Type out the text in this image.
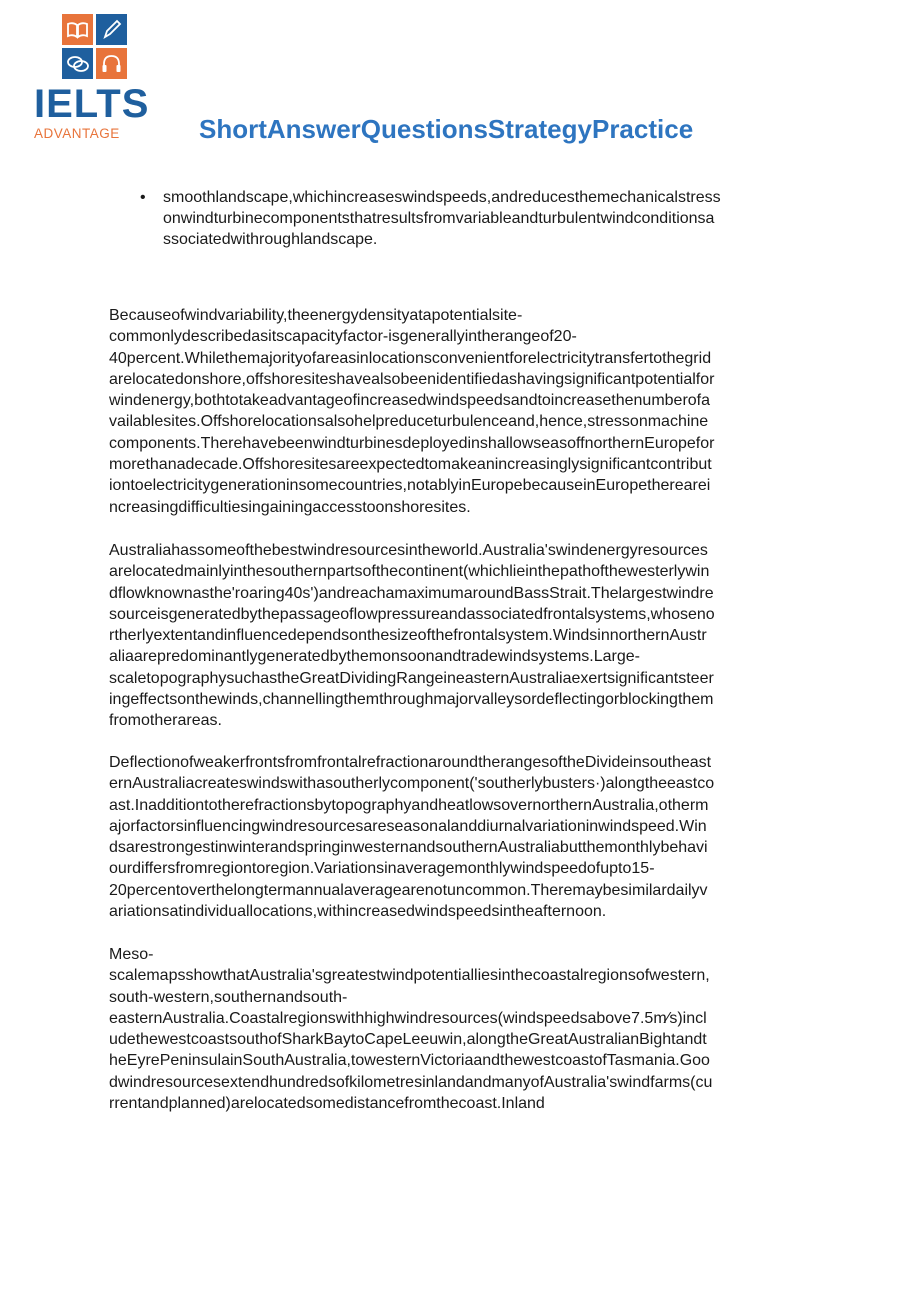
IELTS
ADVANTAGE	ShortAnswerQuestionsStrategyPractice
• smoothlandscape,whichincreaseswindspeeds,andreducesthemechanicalstress
onwindturbinecomponentsthatresultsfromvariableandturbulentwindconditionsa
ssociatedwithroughlandscape.
Becauseofwindvariability,theenergydensityatapotentialsite-
commonlydescribedasitscapacityfactor-isgenerallyintherangeof20-
40percent.Whilethemajorityofareasinlocationsconvenientforelectricitytransfertothegrid
arelocatedonshore,offshoresiteshavealsobeenidentifiedashavingsignificantpotentialfor
windenergy,bothtotakeadvantageofincreasedwindspeedsandtoincreasethenumberofa
vailablesites.Offshorelocationsalsohelpreduceturbulenceand,hence,stressonmachine
components.TherehavebeenwindturbinesdeployedinshallowseasoffnorthernEuropefor
morethanadecade.Offshoresitesareexpectedtomakeanincreasinglysignificantcontribut
iontoelectricitygenerationinsomecountries,notablyinEuropebecauseinEuropetherearei
ncreasingdifficultiesingainingaccesstoonshoresites.
Australiahassomeofthebestwindresourcesintheworld.Australia'swindenergyresources
arelocatedmainlyinthesouthernpartsofthecontinent(whichlieinthepathofthewesterlywin
dflowknownasthe'roaring40s')andreachamaximumaroundBassStrait.Thelargestwindre
sourceisgeneratedbythepassageoflowpressureandassociatedfrontalsystems,whoseno
rtherlyextentandinfluencedependsonthesizeofthefrontalsystem.WindsinnorthernAustr
aliaarepredominantlygeneratedbythemonsoonandtradewindsystems.Large-
scaletopographysuchastheGreatDividingRangeineasternAustraliaexertsignificantsteer
ingeffectsonthewinds,channellingthemthroughmajorvalleysordeflectingorblockingthem
fromotherareas.
DeflectionofweakerfrontsfromfrontalrefractionaroundtherangesoftheDivideinsoutheast
ernAustraliacreateswindswithasoutherlycomponent('southerlybusters·)alongtheeastco
ast.InadditiontotherefractionsbytopographyandheatlowsovernorthernAustralia,otherm
ajorfactorsinfluencingwindresourcesareseasonalanddiurnalvariationinwindspeed.Win
dsarestrongestinwinterandspringinwesternandsouthernAustraliabutthemonthlybehavi
ourdiffersfromregiontoregion.Variationsinaveragemonthlywindspeedofupto15-
20percentoverthelongtermannualaveragearenotuncommon.Theremaybesimilardailyv
ariationsatindividuallocations,withincreasedwindspeedsintheafternoon.
Meso-
scalemapsshowthatAustralia'sgreatestwindpotentialliesinthecoastalregionsofwestern,
south-western,southernandsouth-
easternAustralia.Coastalregionswithhighwindresources(windspeedsabove7.5m⁄s)incl
udethewestcoastsouthofSharkBaytoCapeLeeuwin,alongtheGreatAustralianBightandt
heEyrePeninsulainSouthAustralia,towesternVictoriaandthewestcoastofTasmania.Goo
dwindresourcesextendhundredsofkilometresinlandandmanyofAustralia'swindfarms(cu
rrentandplanned)arelocatedsomedistancefromthecoast.Inland
